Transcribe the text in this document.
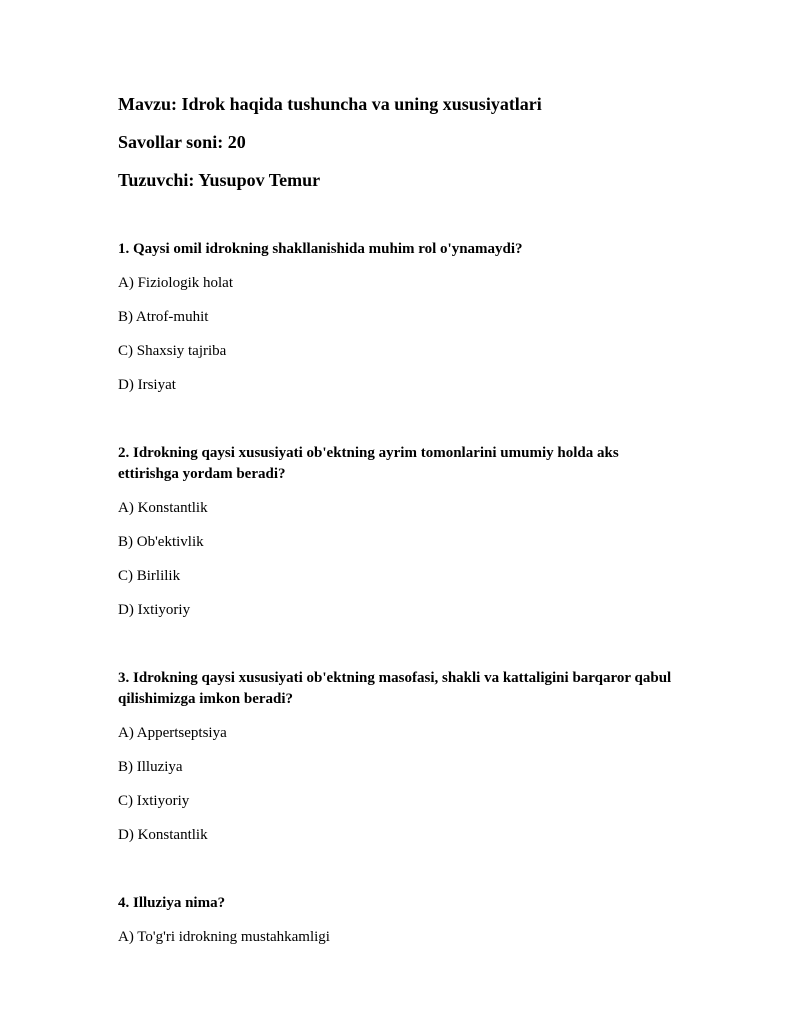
Mavzu: Idrok haqida tushuncha va uning xususiyatlari
Savollar soni: 20
Tuzuvchi: Yusupov Temur
1. Qaysi omil idrokning shakllanishida muhim rol o'ynamaydi?
A) Fiziologik holat
B) Atrof-muhit
C) Shaxsiy tajriba
D) Irsiyat
2. Idrokning qaysi xususiyati ob'ektning ayrim tomonlarini umumiy holda aks ettirishga yordam beradi?
A) Konstantlik
B) Ob'ektivlik
C) Birlilik
D) Ixtiyoriy
3. Idrokning qaysi xususiyati ob'ektning masofasi, shakli va kattaligini barqaror qabul qilishimizga imkon beradi?
A) Appertseptsiya
B) Illuziya
C) Ixtiyoriy
D) Konstantlik
4. Illuziya nima?
A) To'g'ri idrokning mustahkamligi
